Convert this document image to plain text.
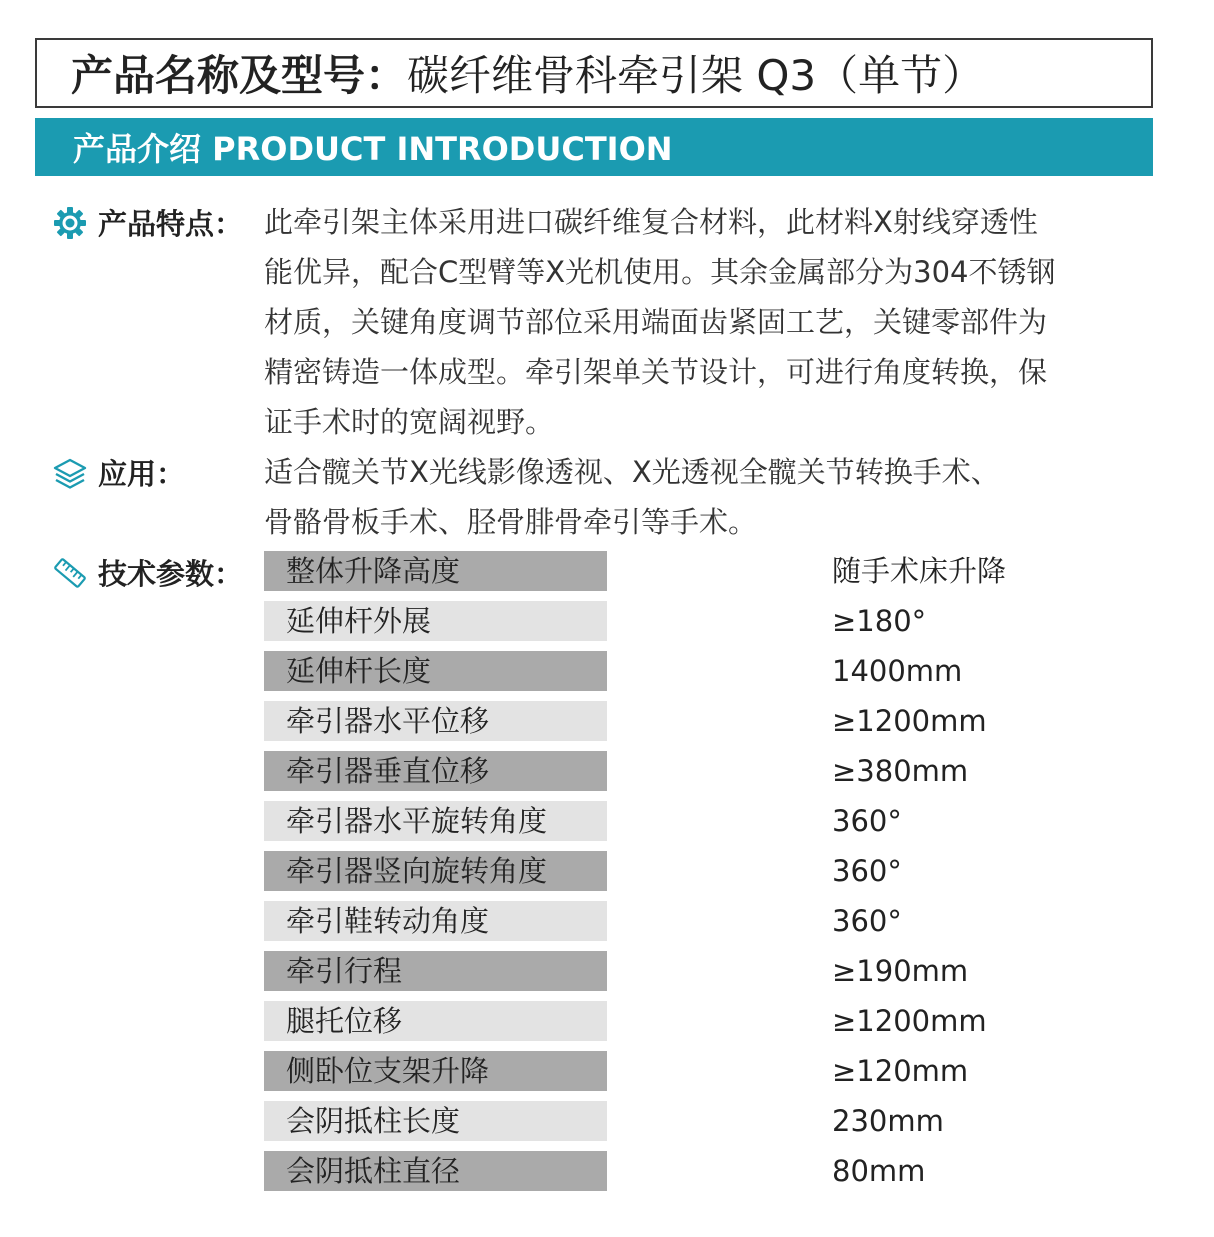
产品名称及型号： 碳纤维骨科牵引架 Q3（单节）
产品介绍 PRODUCT INTRODUCTION
产品特点： 此牵引架主体采用进口碳纤维复合材料，此材料X射线穿透性
能优异，配合C型臂等X光机使用。其余金属部分为304不锈钢
材质，关键角度调节部位采用端面齿紧固工艺，关键零部件为
精密铸造一体成型。牵引架单关节设计，可进行角度转换，保
证手术时的宽阔视野。
应用：	适合髋关节X光线影像透视、X光透视全髋关节转换手术、
骨骼骨板手术、胫骨腓骨牵引等手术。
技术参数：	整体升降高度	随手术床升降
延伸杆外展	≥180°
延伸杆长度	1400mm
牵引器水平位移	≥1200mm
牵引器垂直位移	≥380mm
牵引器水平旋转角度	360°
牵引器竖向旋转角度	360°
牵引鞋转动角度	360°
牵引行程	≥190mm
腿托位移	≥1200mm
侧卧位支架升降	≥120mm
会阴抵柱长度	230mm
会阴抵柱直径	80mm
